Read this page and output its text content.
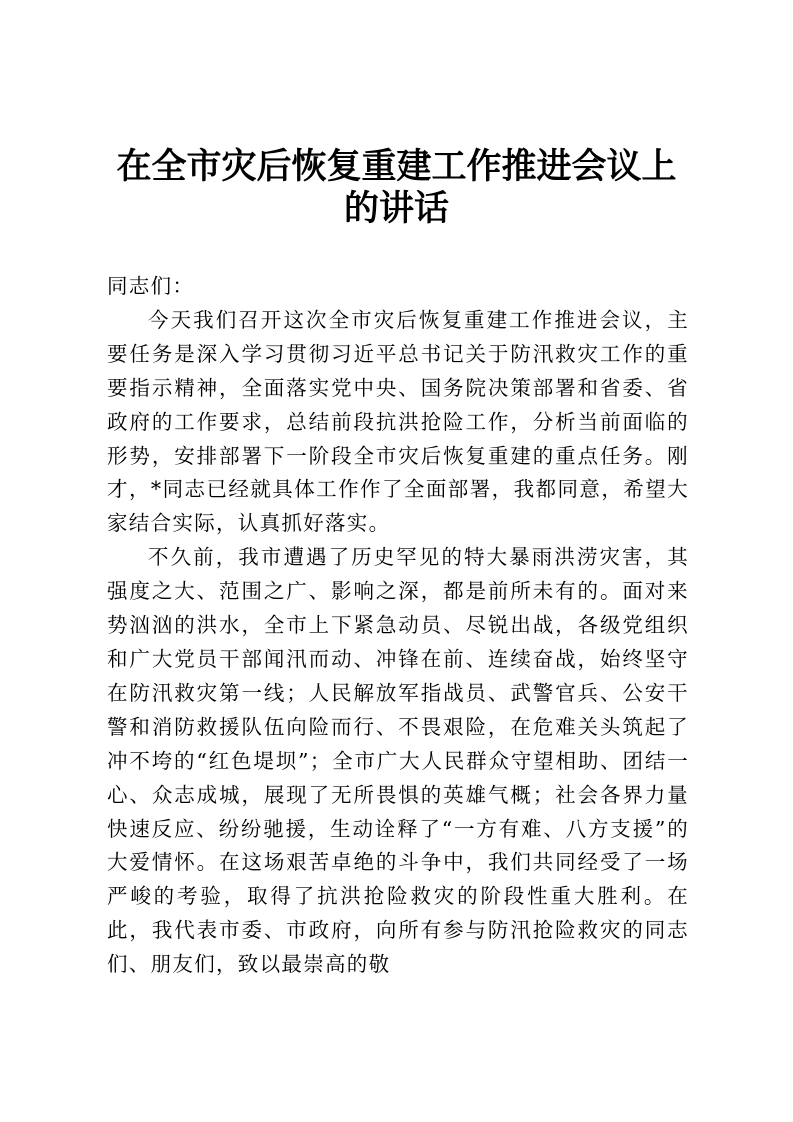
在全市灾后恢复重建工作推进会议上的讲话

同志们：

今天我们召开这次全市灾后恢复重建工作推进会议，主要任务是深入学习贯彻习近平总书记关于防汛救灾工作的重要指示精神，全面落实党中央、国务院决策部署和省委、省政府的工作要求，总结前段抗洪抢险工作，分析当前面临的形势，安排部署下一阶段全市灾后恢复重建的重点任务。刚才，*同志已经就具体工作作了全面部署，我都同意，希望大家结合实际，认真抓好落实。

不久前，我市遭遇了历史罕见的特大暴雨洪涝灾害，其强度之大、范围之广、影响之深，都是前所未有的。面对来势汹汹的洪水，全市上下紧急动员、尽锐出战，各级党组织和广大党员干部闻汛而动、冲锋在前、连续奋战，始终坚守在防汛救灾第一线；人民解放军指战员、武警官兵、公安干警和消防救援队伍向险而行、不畏艰险，在危难关头筑起了冲不垮的“红色堤坝”；全市广大人民群众守望相助、团结一心、众志成城，展现了无所畏惧的英雄气概；社会各界力量快速反应、纷纷驰援，生动诠释了“一方有难、八方支援”的大爱情怀。在这场艰苦卓绝的斗争中，我们共同经受了一场严峻的考验，取得了抗洪抢险救灾的阶段性重大胜利。在此，我代表市委、市政府，向所有参与防汛抢险救灾的同志们、朋友们，致以最崇高的敬
